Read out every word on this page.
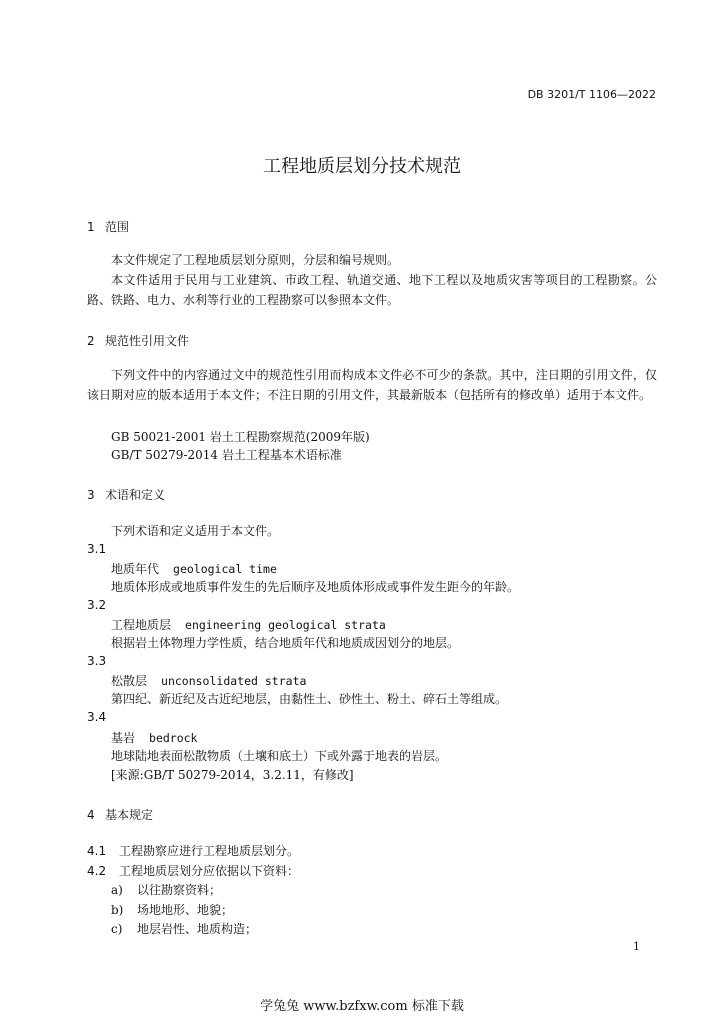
DB 3201/T 1106—2022
工程地质层划分技术规范
1 范围
本文件规定了工程地质层划分原则，分层和编号规则。
本文件适用于民用与工业建筑、市政工程、轨道交通、地下工程以及地质灾害等项目的工程勘察。公路、铁路、电力、水利等行业的工程勘察可以参照本文件。
2 规范性引用文件
下列文件中的内容通过文中的规范性引用而构成本文件必不可少的条款。其中，注日期的引用文件，仅该日期对应的版本适用于本文件；不注日期的引用文件，其最新版本（包括所有的修改单）适用于本文件。
GB 50021-2001 岩土工程勘察规范(2009年版)
GB/T 50279-2014 岩土工程基本术语标准
3 术语和定义
下列术语和定义适用于本文件。
3.1
地质年代 geological time
地质体形成或地质事件发生的先后顺序及地质体形成或事件发生距今的年龄。
3.2
工程地质层 engineering geological strata
根据岩土体物理力学性质，结合地质年代和地质成因划分的地层。
3.3
松散层 unconsolidated strata
第四纪、新近纪及古近纪地层，由黏性土、砂性土、粉土、碎石土等组成。
3.4
基岩 bedrock
地球陆地表面松散物质（土壤和底土）下或外露于地表的岩层。
[来源:GB/T 50279-2014，3.2.11，有修改]
4 基本规定
4.1 工程勘察应进行工程地质层划分。
4.2 工程地质层划分应依据以下资料：
a) 以往勘察资料；
b) 场地地形、地貌；
c) 地层岩性、地质构造；
1
学兔兔 www.bzfxw.com 标准下载
